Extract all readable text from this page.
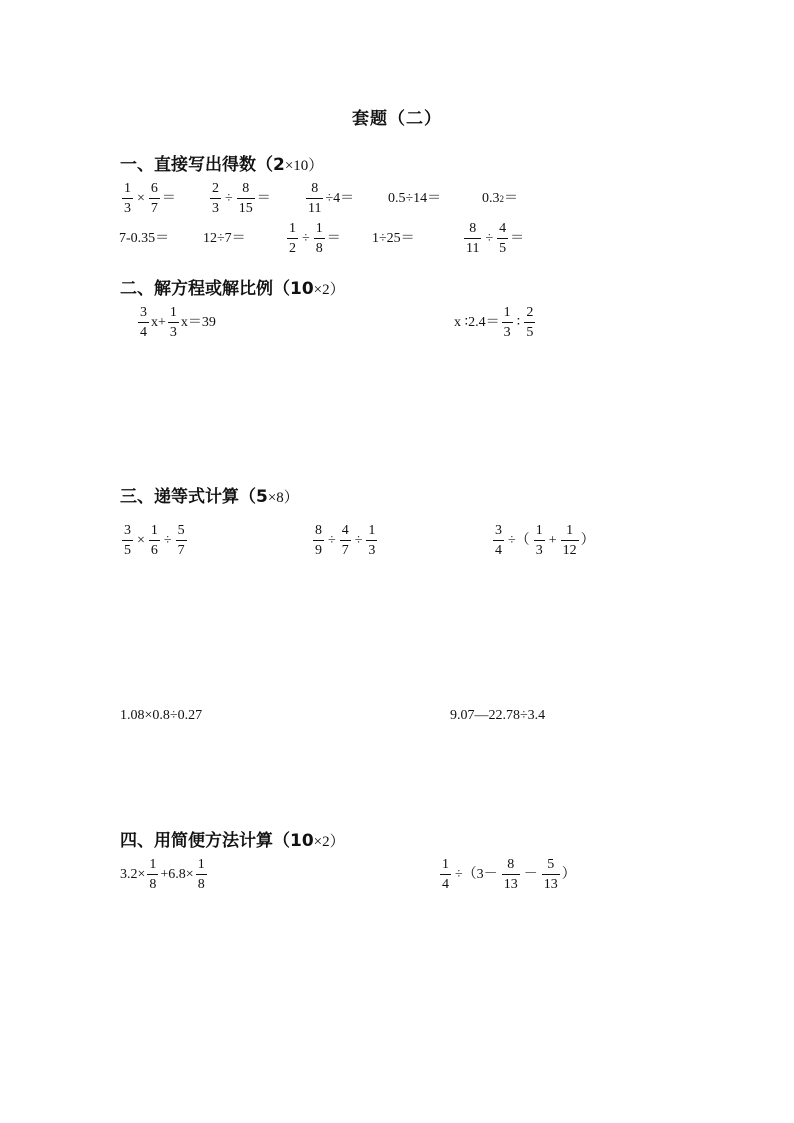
套题（二）
一、直接写出得数（2×10）
$\frac{1}{3} \times \frac{6}{7} = \frac{2}{3} \div \frac{8}{15}$ ＝	$\frac{8}{11} \div 4= 0.5\div 14=$	0.3 2 ＝
7-0.35＝ 12÷7＝	$\frac{1}{2} \div \frac{1}{8} = 1\div 25=$	$\frac{8}{11} \div \frac{4}{5}$ ＝
二、解方程或解比例（10×2）
$\frac{3}{4} x+ \frac{1}{3} x=39$	x ∶2.4＝ $\frac{1}{3}$ ∶ $\frac{2}{5}$
三、递等式计算（5×8）
$\frac{3}{5} \times \frac{1}{6} \div \frac{5}{7}$	$\frac{8}{9} \div \frac{4}{7} \div \frac{1}{3}$	$\frac{3}{4}$ ÷（ $\frac{1}{3} + \frac{1}{12}$ ）
1.08×0.8÷0.27	9.07—22.78÷3.4
四、用简便方法计算（10×2）
$3.2\times \frac{1}{8} +6.8\times \frac{1}{8}$	$\frac{1}{4} \div(3- \frac{8}{13} - \frac{5}{13}$ ）
